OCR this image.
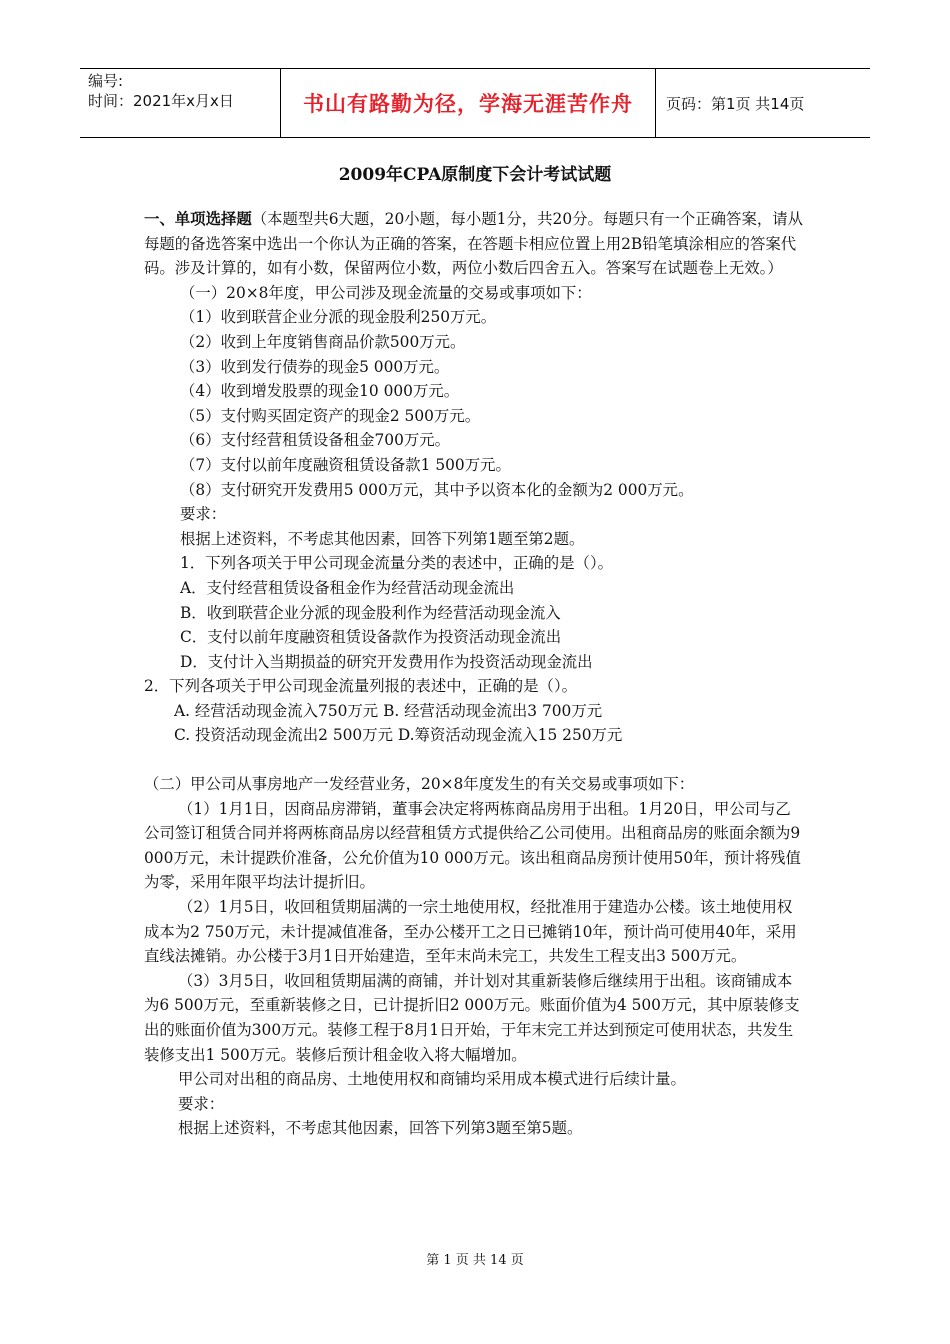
编号:
时间：2021年x月x日	书山有路勤为径，学海无涯苦作舟	页码：第1页 共14页
2009年CPA原制度下会计考试试题

一、单项选择题（本题型共6大题，20小题，每小题1分，共20分。每题只有一个正确答案，请从每题的备选答案中选出一个你认为正确的答案，在答题卡相应位置上用2B铅笔填涂相应的答案代码。涉及计算的，如有小数，保留两位小数，两位小数后四舍五入。答案写在试题卷上无效。）

（一）20×8年度，甲公司涉及现金流量的交易或事项如下：

（1）收到联营企业分派的现金股利250万元。

（2）收到上年度销售商品价款500万元。

（3）收到发行债券的现金5 000万元。

（4）收到增发股票的现金10 000万元。

（5）支付购买固定资产的现金2 500万元。

（6）支付经营租赁设备租金700万元。

（7）支付以前年度融资租赁设备款1 500万元。

（8）支付研究开发费用5 000万元，其中予以资本化的金额为2 000万元。

要求：

根据上述资料，不考虑其他因素，回答下列第1题至第2题。

1．下列各项关于甲公司现金流量分类的表述中，正确的是（）。

A．支付经营租赁设备租金作为经营活动现金流出

B．收到联营企业分派的现金股利作为经营活动现金流入

C．支付以前年度融资租赁设备款作为投资活动现金流出

D．支付计入当期损益的研究开发费用作为投资活动现金流出

2．下列各项关于甲公司现金流量列报的表述中，正确的是（）。

A. 经营活动现金流入750万元 B. 经营活动现金流出3 700万元

C. 投资活动现金流出2 500万元 D.筹资活动现金流入15 250万元

（二）甲公司从事房地产一发经营业务，20×8年度发生的有关交易或事项如下：

（1）1月1日，因商品房滞销，董事会决定将两栋商品房用于出租。1月20日，甲公司与乙公司签订租赁合同并将两栋商品房以经营租赁方式提供给乙公司使用。出租商品房的账面余额为9 000万元，未计提跌价准备，公允价值为10 000万元。该出租商品房预计使用50年，预计将残值为零，采用年限平均法计提折旧。

（2）1月5日，收回租赁期届满的一宗土地使用权，经批准用于建造办公楼。该土地使用权成本为2 750万元，未计提减值准备，至办公楼开工之日已摊销10年，预计尚可使用40年，采用直线法摊销。办公楼于3月1日开始建造，至年末尚未完工，共发生工程支出3 500万元。

（3）3月5日，收回租赁期届满的商铺，并计划对其重新装修后继续用于出租。该商铺成本为6 500万元，至重新装修之日，已计提折旧2 000万元。账面价值为4 500万元，其中原装修支出的账面价值为300万元。装修工程于8月1日开始，于年末完工并达到预定可使用状态，共发生装修支出1 500万元。装修后预计租金收入将大幅增加。

甲公司对出租的商品房、土地使用权和商铺均采用成本模式进行后续计量。

要求：

根据上述资料，不考虑其他因素，回答下列第3题至第5题。

第 1 页 共 14 页
